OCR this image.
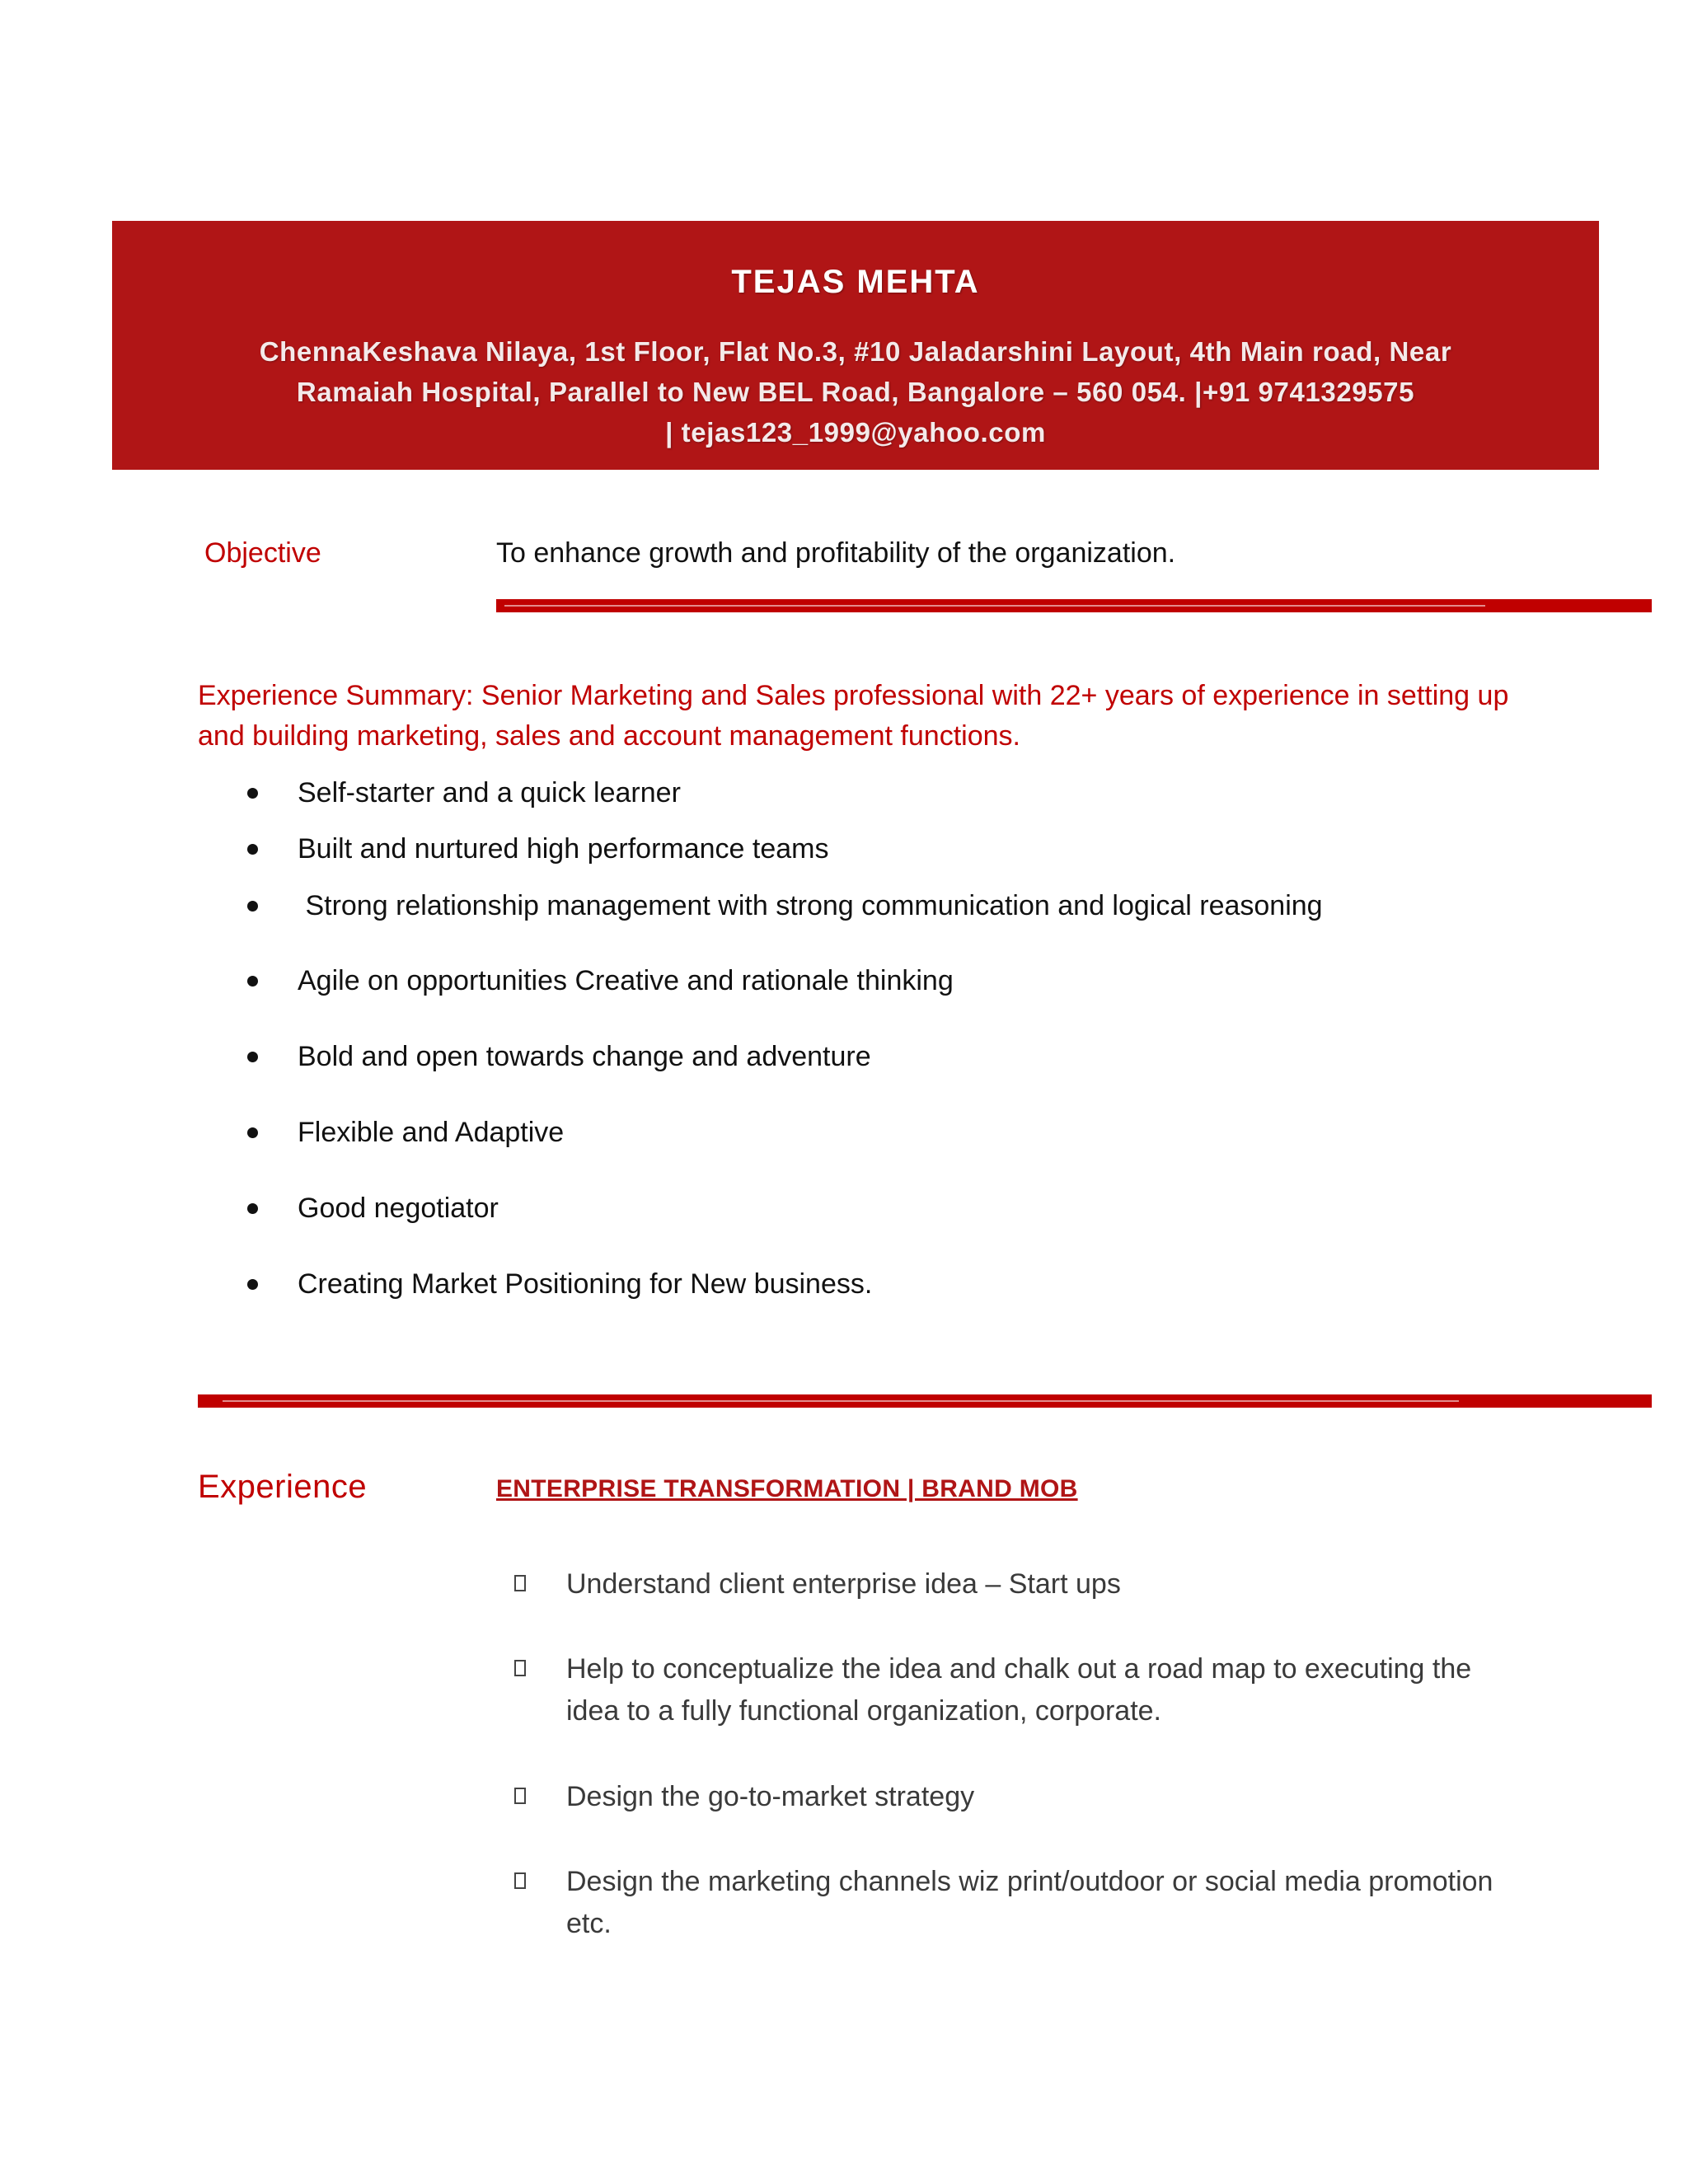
TEJAS MEHTA
ChennaKeshava Nilaya, 1st Floor, Flat No.3, #10 Jaladarshini Layout, 4th Main road, Near
Ramaiah Hospital, Parallel to New BEL Road, Bangalore – 560 054. |+91 9741329575
| tejas123_1999@yahoo.com
Objective	To enhance growth and profitability of the organization.
Experience Summary: Senior Marketing and Sales professional with 22+ years of experience in setting up and building marketing, sales and account management functions.
Self-starter and a quick learner
Built and nurtured high performance teams
Strong relationship management with strong communication and logical reasoning
Agile on opportunities Creative and rationale thinking
Bold and open towards change and adventure
Flexible and Adaptive
Good negotiator
Creating Market Positioning for New business.
Experience	ENTERPRISE TRANSFORMATION | BRAND MOB
Understand client enterprise idea – Start ups
Help to conceptualize the idea and chalk out a road map to executing the idea to a fully functional organization, corporate.
Design the go-to-market strategy
Design the marketing channels wiz print/outdoor or social media promotion etc.
